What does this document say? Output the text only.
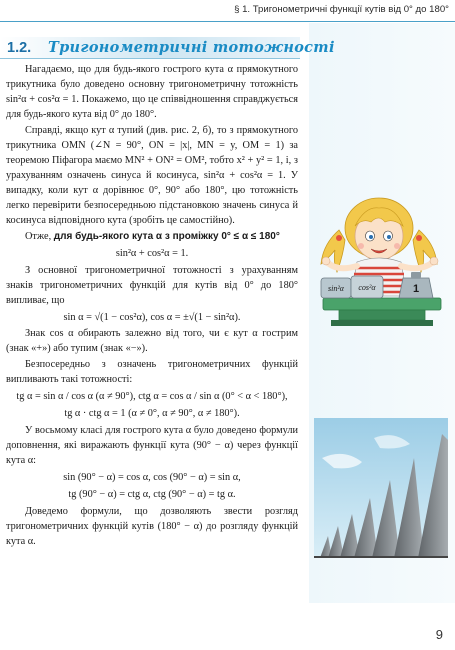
§ 1. Тригонометричні функції кутів від 0° до 180°
1.2. Тригонометричні тотожності

Нагадаємо, що для будь-якого гострого кута α прямокутного трикутника було доведено основну тригонометричну тотожність sin²α + cos²α = 1. Покажемо, що це співвідношення справджується для будь-якого кута від 0° до 180°.

Справді, якщо кут α тупий (див. рис. 2, б), то з прямокутного трикутника OMN (∠N = 90°, ON = |x|, MN = y, OM = 1) за теоремою Піфагора маємо MN² + ON² = OM², тобто x² + y² = 1, і, з урахуванням означень синуса й косинуса, sin²α + cos²α = 1. У випадку, коли кут α дорівнює 0°, 90° або 180°, цю тотожність легко перевірити безпосередньою підстановкою значень синуса й косинуса відповідного кута (зробіть це самостійно).

Отже, для будь-якого кута α з проміжку 0° ≤ α ≤ 180°

sin²α + cos²α = 1.

З основної тригонометричної тотожності з урахуванням знаків тригонометричних функцій для кутів від 0° до 180° випливає, що

sin α = √(1 − cos²α), cos α = ±√(1 − sin²α).

Знак cos α обирають залежно від того, чи є кут α гострим (знак «+») або тупим (знак «−»).

Безпосередньо з означень тригонометричних функцій випливають такі тотожності:

tg α = sin α / cos α (α ≠ 90°), ctg α = cos α / sin α (0° < α < 180°),

tg α · ctg α = 1 (α ≠ 0°, α ≠ 90°, α ≠ 180°).

У восьмому класі для гострого кута α було доведено формули доповнення, які виражають функції кута (90° − α) через функції кута α:

sin (90° − α) = cos α, cos (90° − α) = sin α,

tg (90° − α) = ctg α, ctg (90° − α) = tg α.

Доведемо формули, що дозволяють звести розгляд тригонометричних функцій кутів (180° − α) до розгляду функцій кута α.

sin²α cos²α	1
9
